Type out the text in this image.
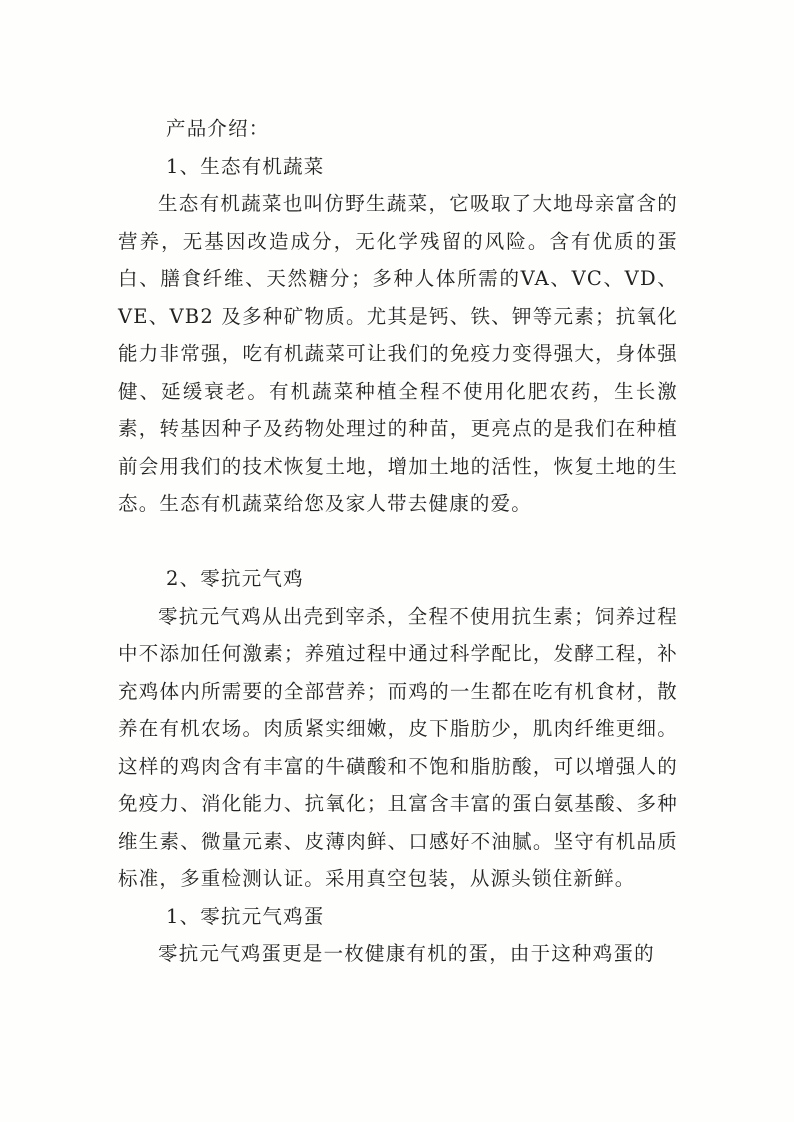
产品介绍：

1、生态有机蔬菜

生态有机蔬菜也叫仿野生蔬菜，它吸取了大地母亲富含的营养，无基因改造成分，无化学残留的风险。含有优质的蛋白、膳食纤维、天然糖分；多种人体所需的VA、VC、VD、VE、VB2 及多种矿物质。尤其是钙、铁、钾等元素；抗氧化能力非常强，吃有机蔬菜可让我们的免疫力变得强大，身体强健、延缓衰老。有机蔬菜种植全程不使用化肥农药，生长激素，转基因种子及药物处理过的种苗，更亮点的是我们在种植前会用我们的技术恢复土地，增加土地的活性，恢复土地的生态。生态有机蔬菜给您及家人带去健康的爱。

2、零抗元气鸡

零抗元气鸡从出壳到宰杀，全程不使用抗生素；饲养过程中不添加任何激素；养殖过程中通过科学配比，发酵工程，补充鸡体内所需要的全部营养；而鸡的一生都在吃有机食材，散养在有机农场。肉质紧实细嫩，皮下脂肪少，肌肉纤维更细。这样的鸡肉含有丰富的牛磺酸和不饱和脂肪酸，可以增强人的免疫力、消化能力、抗氧化；且富含丰富的蛋白氨基酸、多种维生素、微量元素、皮薄肉鲜、口感好不油腻。坚守有机品质标准，多重检测认证。采用真空包装，从源头锁住新鲜。

1、零抗元气鸡蛋

零抗元气鸡蛋更是一枚健康有机的蛋，由于这种鸡蛋的
